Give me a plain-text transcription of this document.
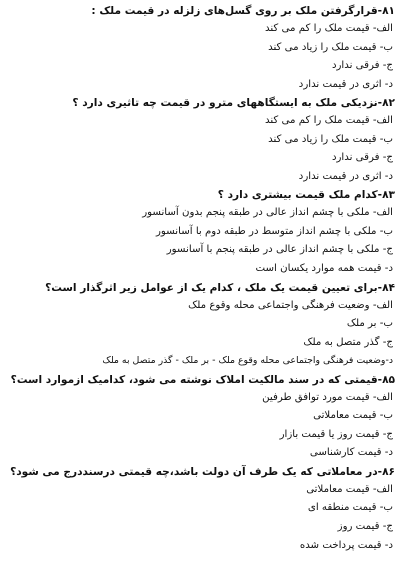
۸۱-قرارگرفتن ملک بر روی گسل‌های زلزله در قیمت ملک :
الف- قیمت ملک را کم می کند
ب- قیمت ملک را زیاد می کند
ج- فرقی ندارد
د- اثری در قیمت ندارد
۸۲-نزدیکی ملک به ایستگاههای مترو در قیمت چه تاثیری دارد ؟
الف- قیمت ملک را کم می کند
ب- قیمت ملک را زیاد می کند
ج- فرقی ندارد
د- اثری در قیمت ندارد
۸۳-کدام ملک قیمت بیشتری دارد ؟
الف- ملکی با چشم انداز عالی در طبقه پنجم بدون آسانسور
ب- ملکی با چشم انداز متوسط در طبقه دوم با آسانسور
ج- ملکی با چشم انداز عالی در طبقه پنجم با آسانسور
د- قیمت همه موارد یکسان است
۸۴-برای تعیین قیمت یک ملک ، کدام یک از عوامل زیر اثرگذار است؟
الف- وضعیت فرهنگی واجتماعی محله وقوع ملک
ب- بر ملک
ج- گذر متصل به ملک
د-وضعیت فرهنگی واجتماعی محله وقوع ملک - بر ملک - گذر متصل به ملک
۸۵-قیمتی که در سند مالکیت املاک نوشته می شود، کدامیک ازموارد است؟
الف- قیمت مورد توافق طرفین
ب- قیمت معاملاتی
ج- قیمت روز یا قیمت بازار
د- قیمت کارشناسی
۸۶-در معاملاتی که یک طرف آن دولت باشد،چه قیمتی درسنددرج می شود؟
الف- قیمت معاملاتی
ب- قیمت منطقه ای
ج- قیمت روز
د- قیمت پرداخت شده
